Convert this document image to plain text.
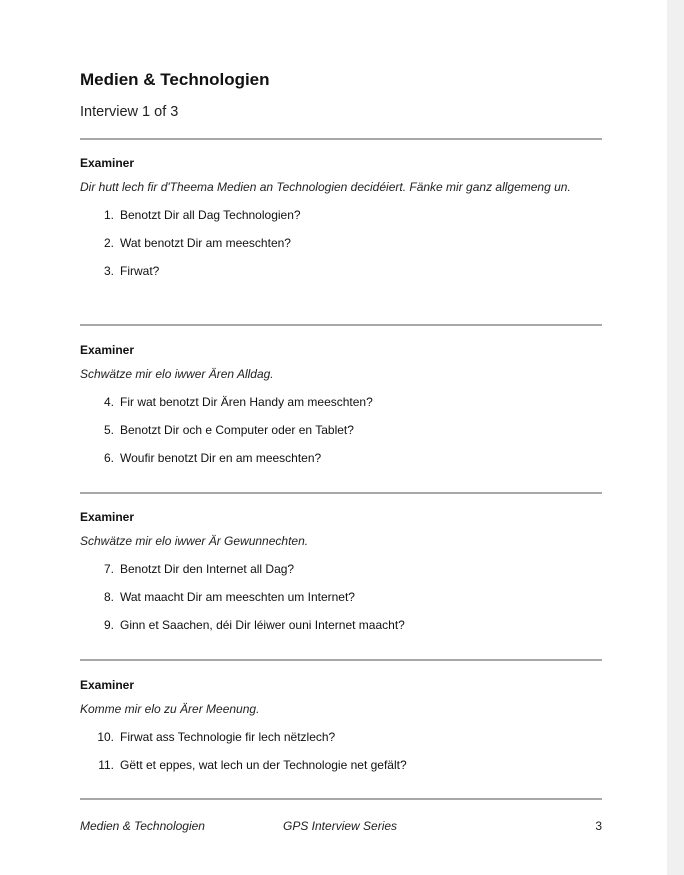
Medien & Technologien
Interview 1 of 3

Examiner

Dir hutt lech fir d'Theema Medien an Technologien decidéiert. Fänke mir ganz allgemeng un.

1. Benotzt Dir all Dag Technologien?
2. Wat benotzt Dir am meeschten?
3. Firwat?

Examiner

Schwätze mir elo iwwer Ären Alldag.

4. Fir wat benotzt Dir Ären Handy am meeschten?
5. Benotzt Dir och e Computer oder en Tablet?
6. Woufir benotzt Dir en am meeschten?

Examiner

Schwätze mir elo iwwer Är Gewunnechten.

7. Benotzt Dir den Internet all Dag?
8. Wat maacht Dir am meeschten um Internet?
9. Ginn et Saachen, déi Dir léiwer ouni Internet maacht?

Examiner

Komme mir elo zu Ärer Meenung.

10. Firwat ass Technologie fir lech nëtzlech?
11. Gëtt et eppes, wat lech un der Technologie net gefält?
Medien & Technologien	GPS Interview Series	3
